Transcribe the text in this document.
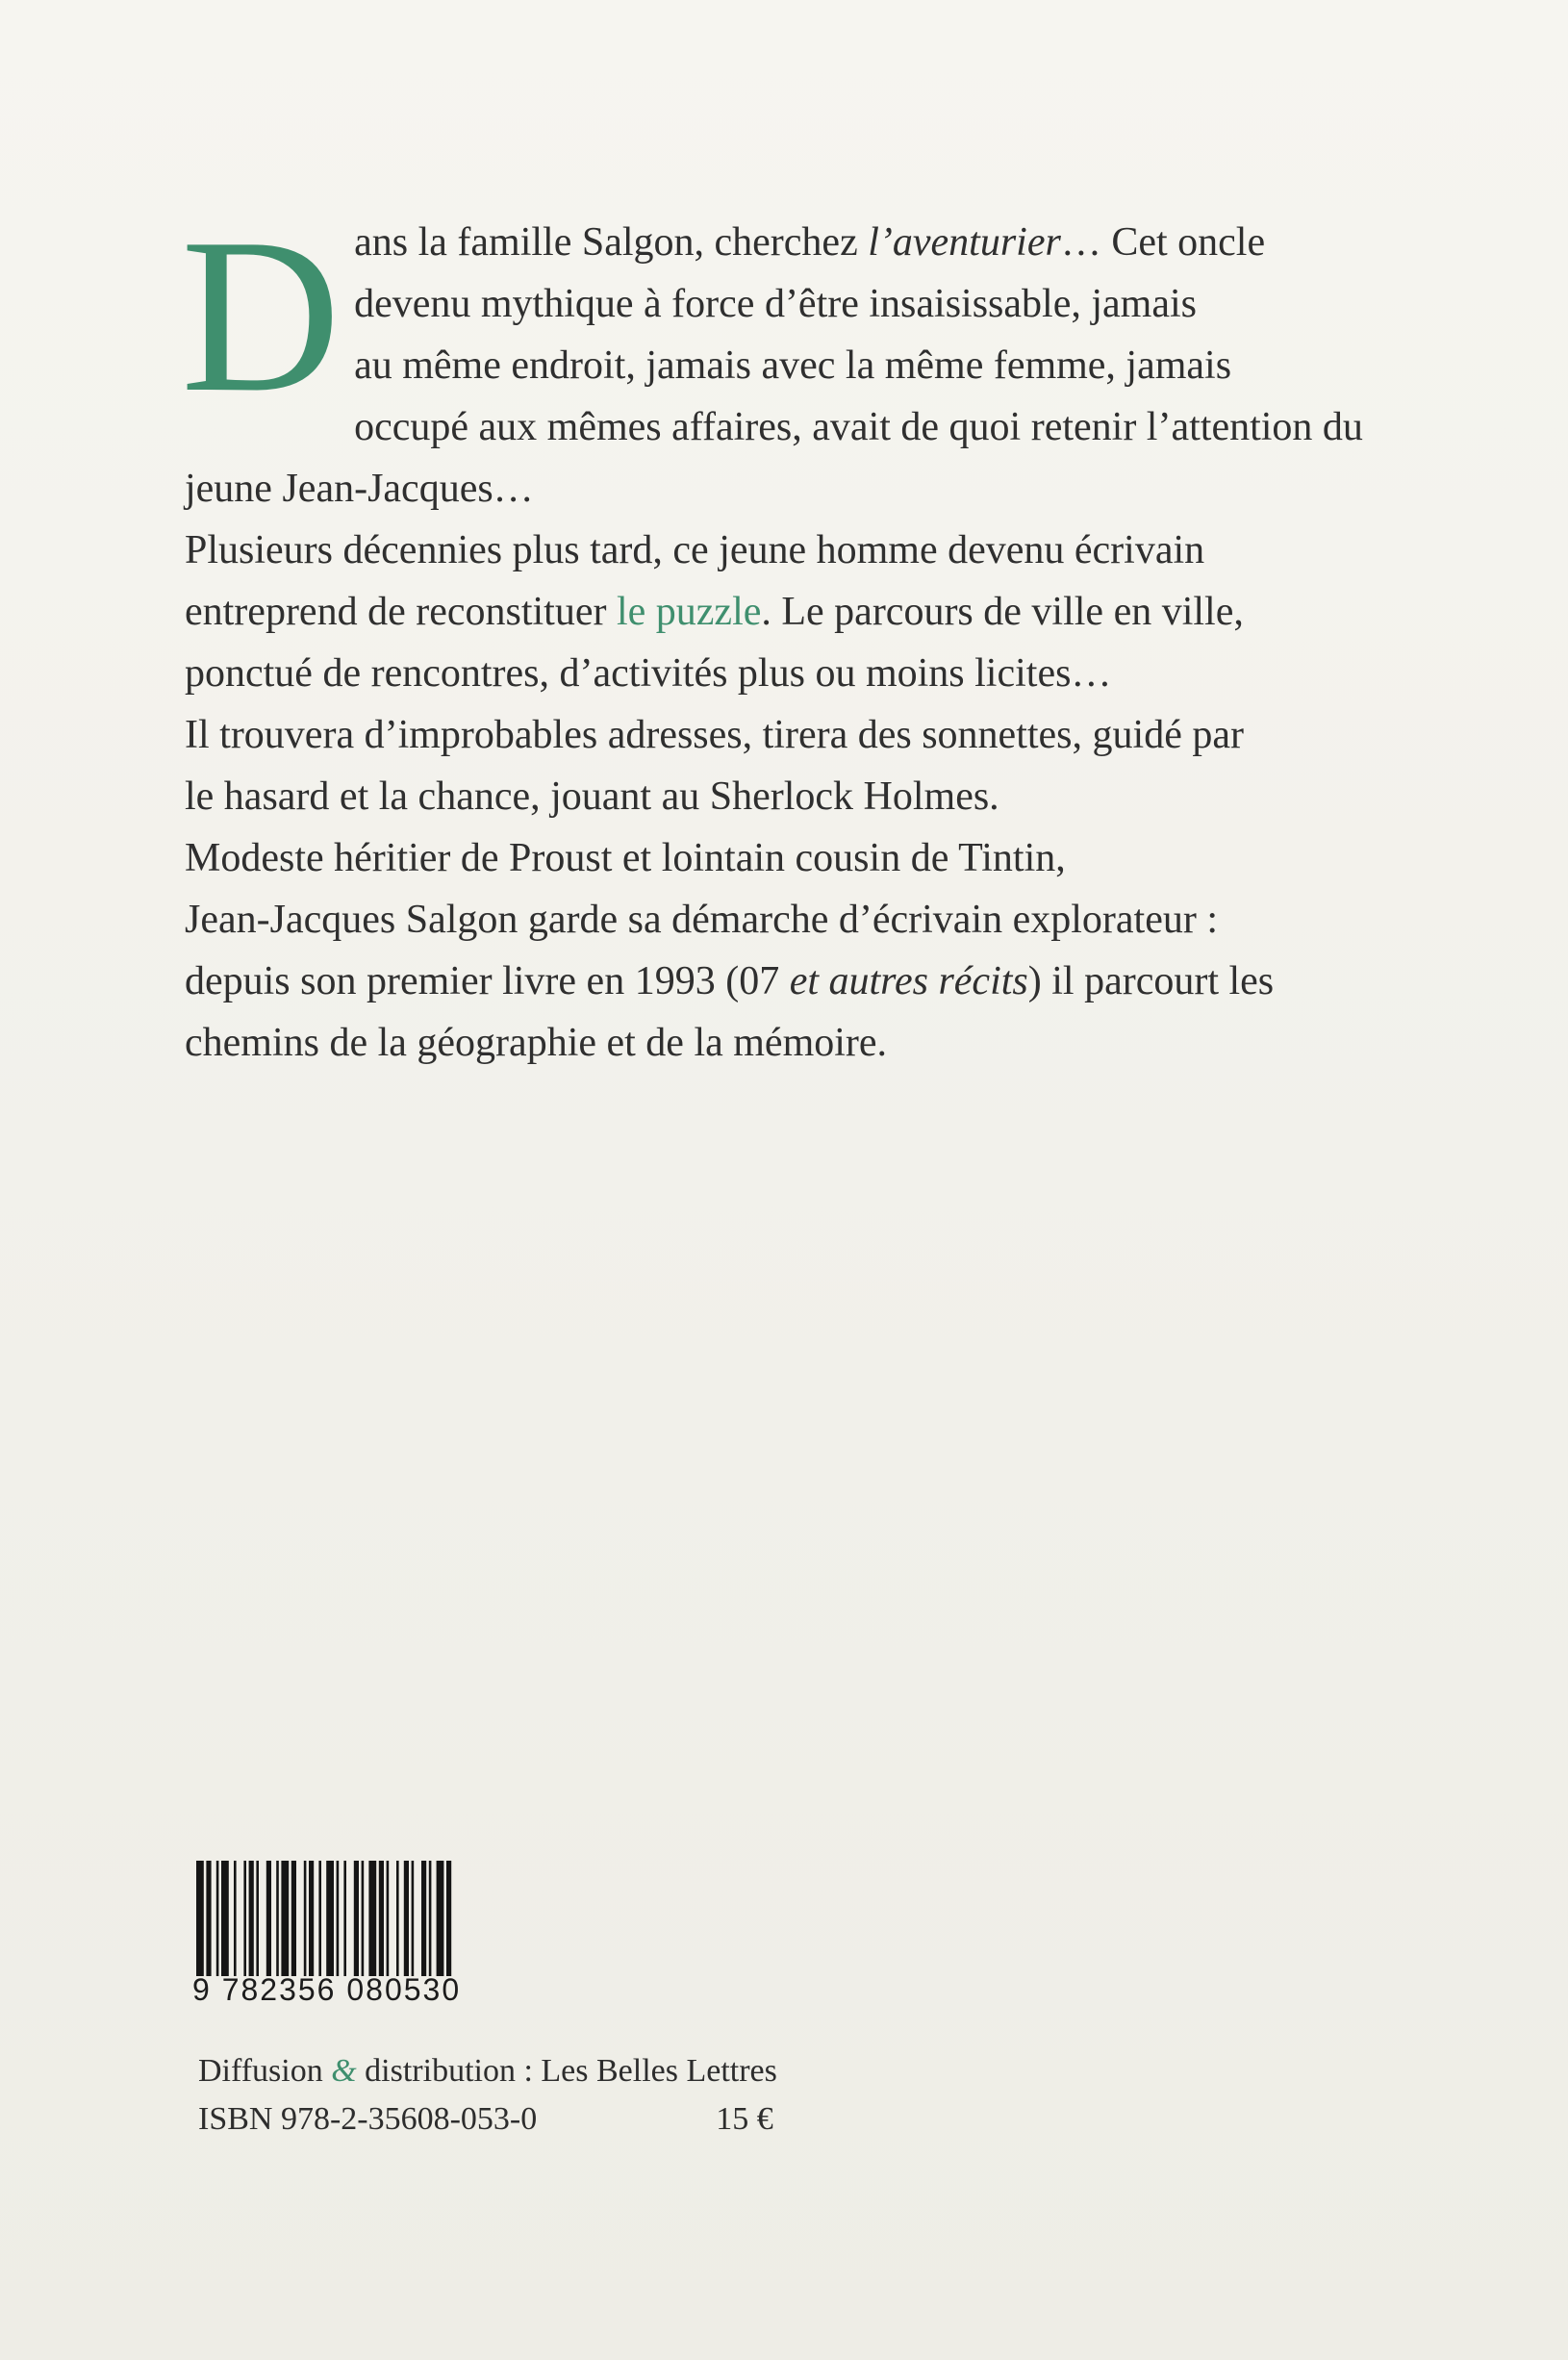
D ans la famille Salgon, cherchez l’aventurier… Cet oncle
devenu mythique à force d’être insaisissable, jamais
au même endroit, jamais avec la même femme, jamais
occupé aux mêmes affaires, avait de quoi retenir l’attention du
jeune Jean-Jacques…
Plusieurs décennies plus tard, ce jeune homme devenu écrivain
entreprend de reconstituer le puzzle. Le parcours de ville en ville,
ponctué de rencontres, d’activités plus ou moins licites…
Il trouvera d’improbables adresses, tirera des sonnettes, guidé par
le hasard et la chance, jouant au Sherlock Holmes.
Modeste héritier de Proust et lointain cousin de Tintin,
Jean-Jacques Salgon garde sa démarche d’écrivain explorateur :
depuis son premier livre en 1993 (07 et autres récits) il parcourt les
chemins de la géographie et de la mémoire.
9 782356 080530
Diffusion & distribution : Les Belles Lettres
ISBN 978-2-35608-053-0	15 €
